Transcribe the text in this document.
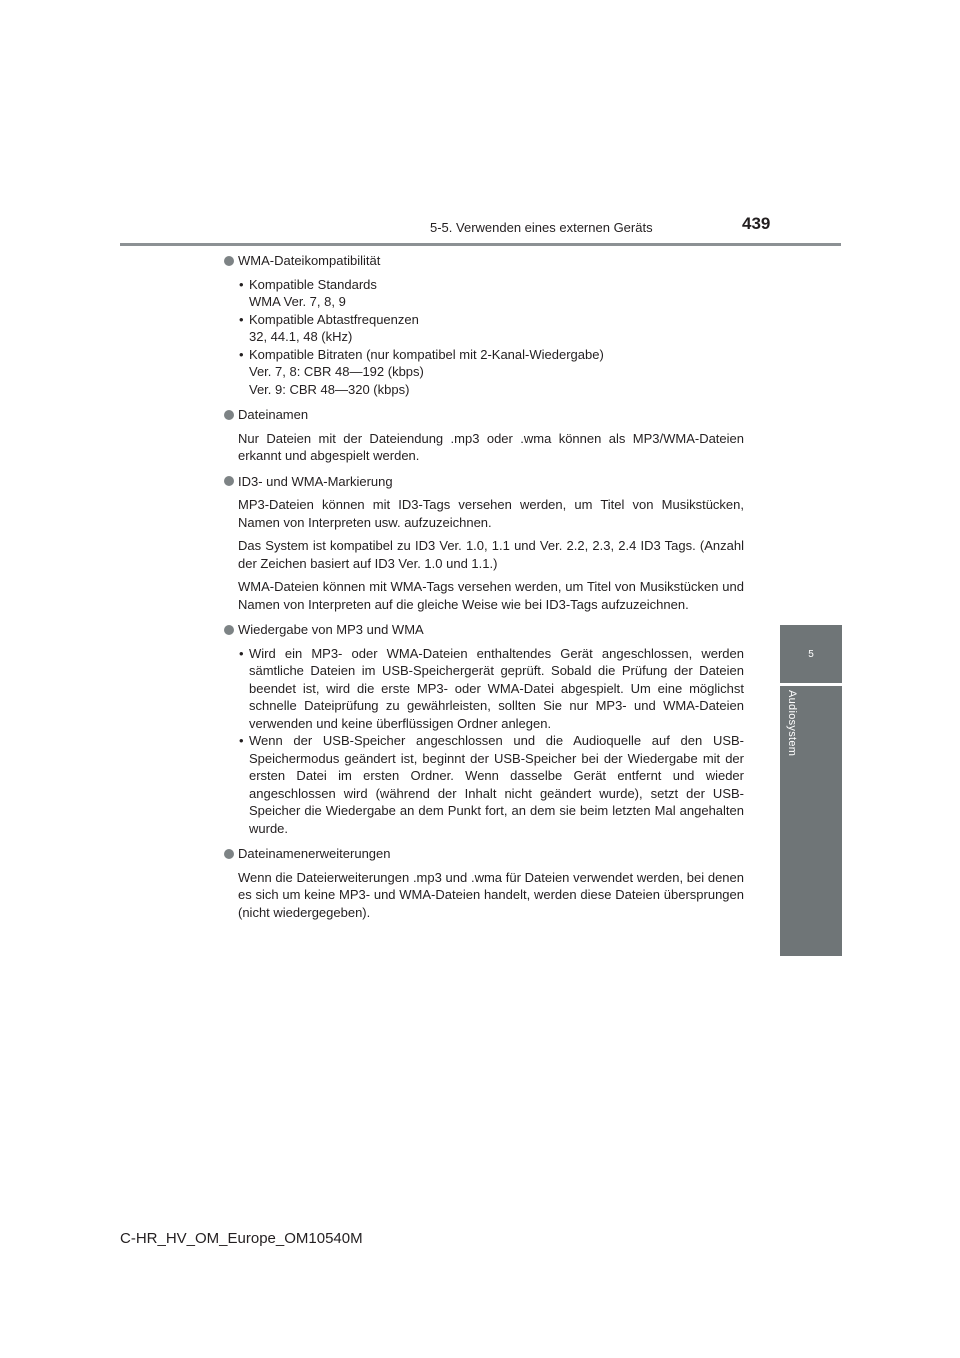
5-5. Verwenden eines externen Geräts	439
5
Audiosystem
WMA-Dateikompatibilität
• Kompatible Standards
WMA Ver. 7, 8, 9
• Kompatible Abtastfrequenzen
32, 44.1, 48 (kHz)
• Kompatible Bitraten (nur kompatibel mit 2-Kanal-Wiedergabe)
Ver. 7, 8: CBR 48—192 (kbps)
Ver. 9: CBR 48—320 (kbps)
Dateinamen
Nur Dateien mit der Dateiendung .mp3 oder .wma können als MP3/WMA-Dateien erkannt und abgespielt werden.
ID3- und WMA-Markierung
MP3-Dateien können mit ID3-Tags versehen werden, um Titel von Musikstücken, Namen von Interpreten usw. aufzuzeichnen.
Das System ist kompatibel zu ID3 Ver. 1.0, 1.1 und Ver. 2.2, 2.3, 2.4 ID3 Tags. (Anzahl der Zeichen basiert auf ID3 Ver. 1.0 und 1.1.)
WMA-Dateien können mit WMA-Tags versehen werden, um Titel von Musikstücken und Namen von Interpreten auf die gleiche Weise wie bei ID3-Tags aufzuzeichnen.
Wiedergabe von MP3 und WMA
• Wird ein MP3- oder WMA-Dateien enthaltendes Gerät angeschlossen, werden sämtliche Dateien im USB-Speichergerät geprüft. Sobald die Prüfung der Dateien beendet ist, wird die erste MP3- oder WMA-Datei abgespielt. Um eine möglichst schnelle Dateiprüfung zu gewährleisten, sollten Sie nur MP3- und WMA-Dateien verwenden und keine überflüssigen Ordner anlegen.
• Wenn der USB-Speicher angeschlossen und die Audioquelle auf den USB-Speichermodus geändert ist, beginnt der USB-Speicher bei der Wiedergabe mit der ersten Datei im ersten Ordner. Wenn dasselbe Gerät entfernt und wieder angeschlossen wird (während der Inhalt nicht geändert wurde), setzt der USB-Speicher die Wiedergabe an dem Punkt fort, an dem sie beim letzten Mal angehalten wurde.
Dateinamenerweiterungen
Wenn die Dateierweiterungen .mp3 und .wma für Dateien verwendet werden, bei denen es sich um keine MP3- und WMA-Dateien handelt, werden diese Dateien übersprungen (nicht wiedergegeben).
C-HR_HV_OM_Europe_OM10540M
